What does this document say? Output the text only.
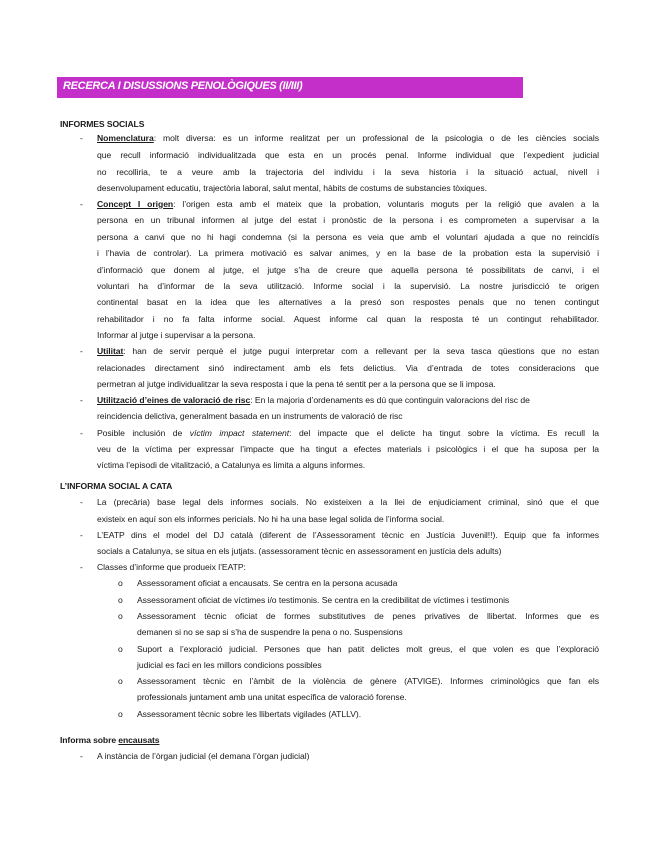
RECERCA I DISUSSIONS PENOLÒGIQUES (II/III)
INFORMES SOCIALS
- Nomenclatura: molt diversa: es un informe realitzat per un professional de la psicologia o de les ciències socials
que recull informació individualitzada que esta en un procés penal. Informe individual que l’expedient judicial
no recolliria, te a veure amb la trajectoria del individu i la seva historia i la situació actual, nivell i
desenvolupament educatiu, trajectòria laboral, salut mental, hàbits de costums de substancies tòxiques.
- Concept I origen: l’origen esta amb el mateix que la probation, voluntaris moguts per la religió que avalen a la
persona en un tribunal informen al jutge del estat i pronòstic de la persona i es comprometen a supervisar a la
persona a canvi que no hi hagi condemna (si la persona es veia que amb el voluntari ajudada a que no reincidís
i l’havia de controlar). La primera motivació es salvar animes, y en la base de la probation esta la supervisió i
d’informació que donem al jutge, el jutge s’ha de creure que aquella persona té possibilitats de canvi, i el
voluntari ha d’informar de la seva utilització. Informe social i la supervisió. La nostre jurisdicció te origen
continental basat en la idea que les alternatives a la presó son respostes penals que no tenen contingut
rehabilitador i no fa falta informe social. Aquest informe cal quan la resposta té un contingut rehabilitador.
Informar al jutge i supervisar a la persona.
- Utilitat: han de servir perquè el jutge pugui interpretar com a rellevant per la seva tasca qüestions que no estan
relacionades directament sinó indirectament amb els fets delictius. Via d’entrada de totes consideracions que
permetran al jutge individualitzar la seva resposta i que la pena té sentit per a la persona que se li imposa.
- Utilització d’eines de valoració de risc: En la majoria d’ordenaments es dú que continguin valoracions del risc de
reincidencia delictiva, generalment basada en un instruments de valoració de risc
- Posible inclusión de víctim impact statement: del impacte que el delicte ha tingut sobre la víctima. Es recull la
veu de la víctima per expressar l’impacte que ha tingut a efectes materials i psicològics i el que ha suposa per la
víctima l’episodi de vitalització, a Catalunya es limita a alguns informes.
L’INFORMA SOCIAL A CATA
- La (precària) base legal dels informes socials. No existeixen a la llei de enjudiciament criminal, sinó que el que
existeix en aquí son els informes pericials. No hi ha una base legal solida de l’informa social.
- L’EATP dins el model del DJ català (diferent de l’Assessorament tècnic en Justícia Juvenil!!). Equip que fa informes
socials a Catalunya, se situa en els jutjats. (assessorament tècnic en assessorament en justícia dels adults)
- Classes d’informe que produeix l’EATP:
o Assessorament oficiat a encausats. Se centra en la persona acusada
o Assessorament oficiat de víctimes i/o testimonis. Se centra en la credibilitat de víctimes i testimonis
o Assessorament tècnic oficiat de formes substitutives de penes privatives de llibertat. Informes que es
demanen si no se sap si s’ha de suspendre la pena o no. Suspensions
o Suport a l’exploració judicial. Persones que han patit delictes molt greus, el que volen es que l’exploració
judicial es faci en les millors condicions possibles
o Assessorament tècnic en l’àmbit de la violència de gènere (ATVIGE). Informes criminològics que fan els
professionals juntament amb una unitat específica de valoració forense.
o Assessorament tècnic sobre les llibertats vigilades (ATLLV).
Informa sobre encausats
- A instància de l’òrgan judicial (el demana l’òrgan judicial)
